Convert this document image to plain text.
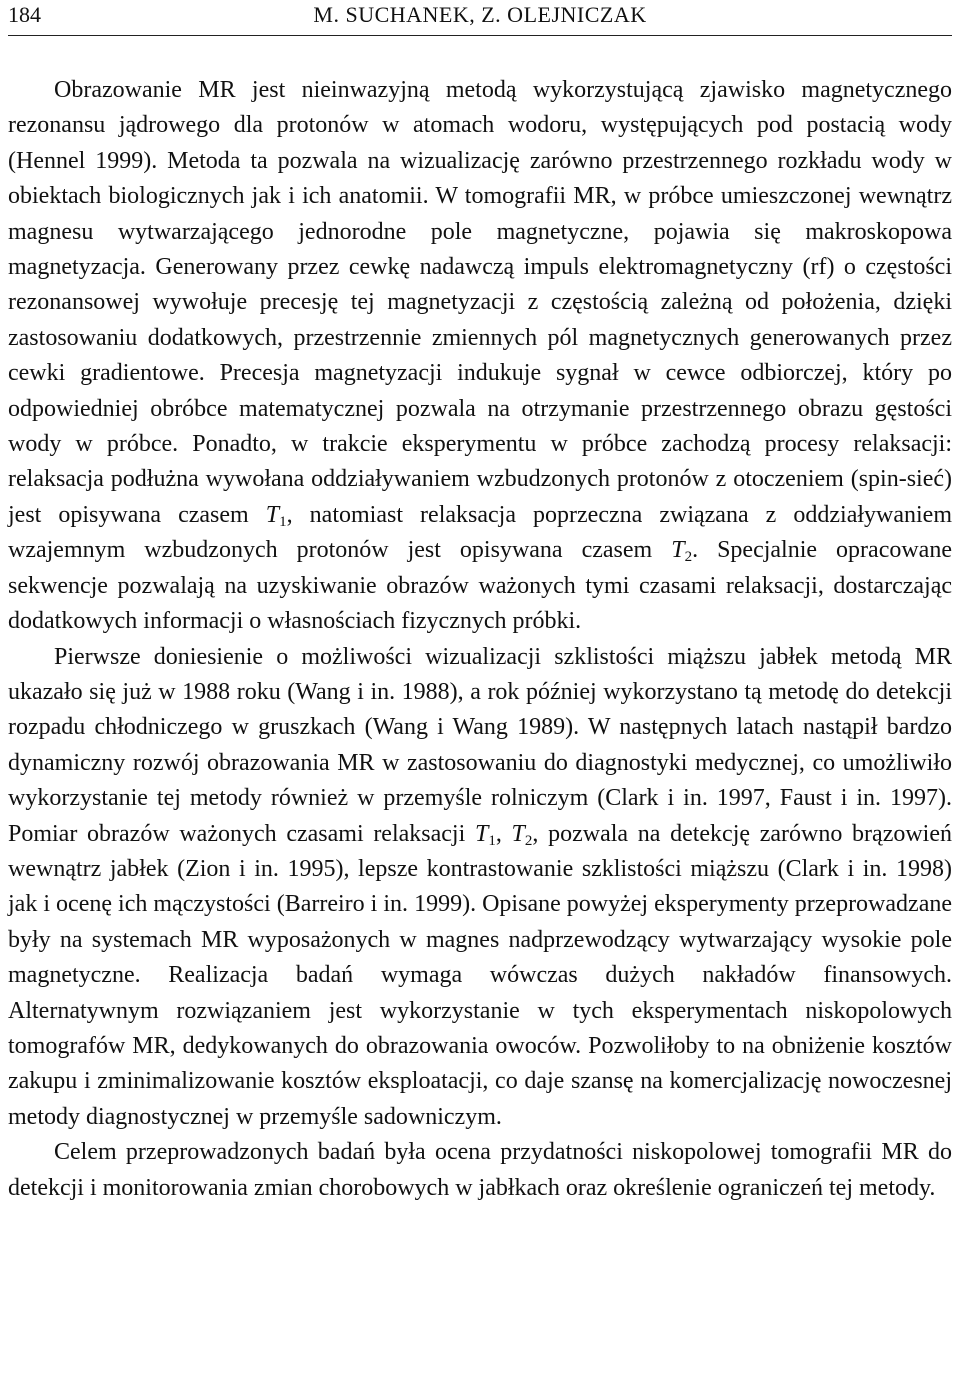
184	M. SUCHANEK, Z. OLEJNICZAK

Obrazowanie MR jest nieinwazyjną metodą wykorzystującą zjawisko magnetycznego rezonansu jądrowego dla protonów w atomach wodoru, występujących pod postacią wody (Hennel 1999). Metoda ta pozwala na wizualizację zarówno przestrzennego rozkładu wody w obiektach biologicznych jak i ich anatomii. W tomografii MR, w próbce umieszczonej wewnątrz magnesu wytwarzającego jednorodne pole magnetyczne, pojawia się makroskopowa magnetyzacja. Generowany przez cewkę nadawczą impuls elektromagnetyczny (rf) o częstości rezonansowej wywołuje precesję tej magnetyzacji z częstością zależną od położenia, dzięki zastosowaniu dodatkowych, przestrzennie zmiennych pól magnetycznych generowanych przez cewki gradientowe. Precesja magnetyzacji indukuje sygnał w cewce odbiorczej, który po odpowiedniej obróbce matematycznej pozwala na otrzymanie przestrzennego obrazu gęstości wody w próbce. Ponadto, w trakcie eksperymentu w próbce zachodzą procesy relaksacji: relaksacja podłużna wywołana oddziaływaniem wzbudzonych protonów z otoczeniem (spin-sieć) jest opisywana czasem $T_1$, natomiast relaksacja poprzeczna związana z oddziaływaniem wzajemnym wzbudzonych protonów jest opisywana czasem $T_2$. Specjalnie opracowane sekwencje pozwalają na uzyskiwanie obrazów ważonych tymi czasami relaksacji, dostarczając dodatkowych informacji o własnościach fizycznych próbki.

Pierwsze doniesienie o możliwości wizualizacji szklistości miąższu jabłek metodą MR ukazało się już w 1988 roku (Wang i in. 1988), a rok później wykorzystano tą metodę do detekcji rozpadu chłodniczego w gruszkach (Wang i Wang 1989). W następnych latach nastąpił bardzo dynamiczny rozwój obrazowania MR w zastosowaniu do diagnostyki medycznej, co umożliwiło wykorzystanie tej metody również w przemyśle rolniczym (Clark i in. 1997, Faust i in. 1997). Pomiar obrazów ważonych czasami relaksacji $T_1$, $T_2$, pozwala na detekcję zarówno brązowień wewnątrz jabłek (Zion i in. 1995), lepsze kontrastowanie szklistości miąższu (Clark i in. 1998) jak i ocenę ich mączystości (Barreiro i in. 1999). Opisane powyżej eksperymenty przeprowadzane były na systemach MR wyposażonych w magnes nadprzewodzący wytwarzający wysokie pole magnetyczne. Realizacja badań wymaga wówczas dużych nakładów finansowych. Alternatywnym rozwiązaniem jest wykorzystanie w tych eksperymentach niskopolowych tomografów MR, dedykowanych do obrazowania owoców. Pozwoliłoby to na obniżenie kosztów zakupu i zminimalizowanie kosztów eksploatacji, co daje szansę na komercjalizację nowoczesnej metody diagnostycznej w przemyśle sadowniczym.

Celem przeprowadzonych badań była ocena przydatności niskopolowej tomografii MR do detekcji i monitorowania zmian chorobowych w jabłkach oraz określenie ograniczeń tej metody.
